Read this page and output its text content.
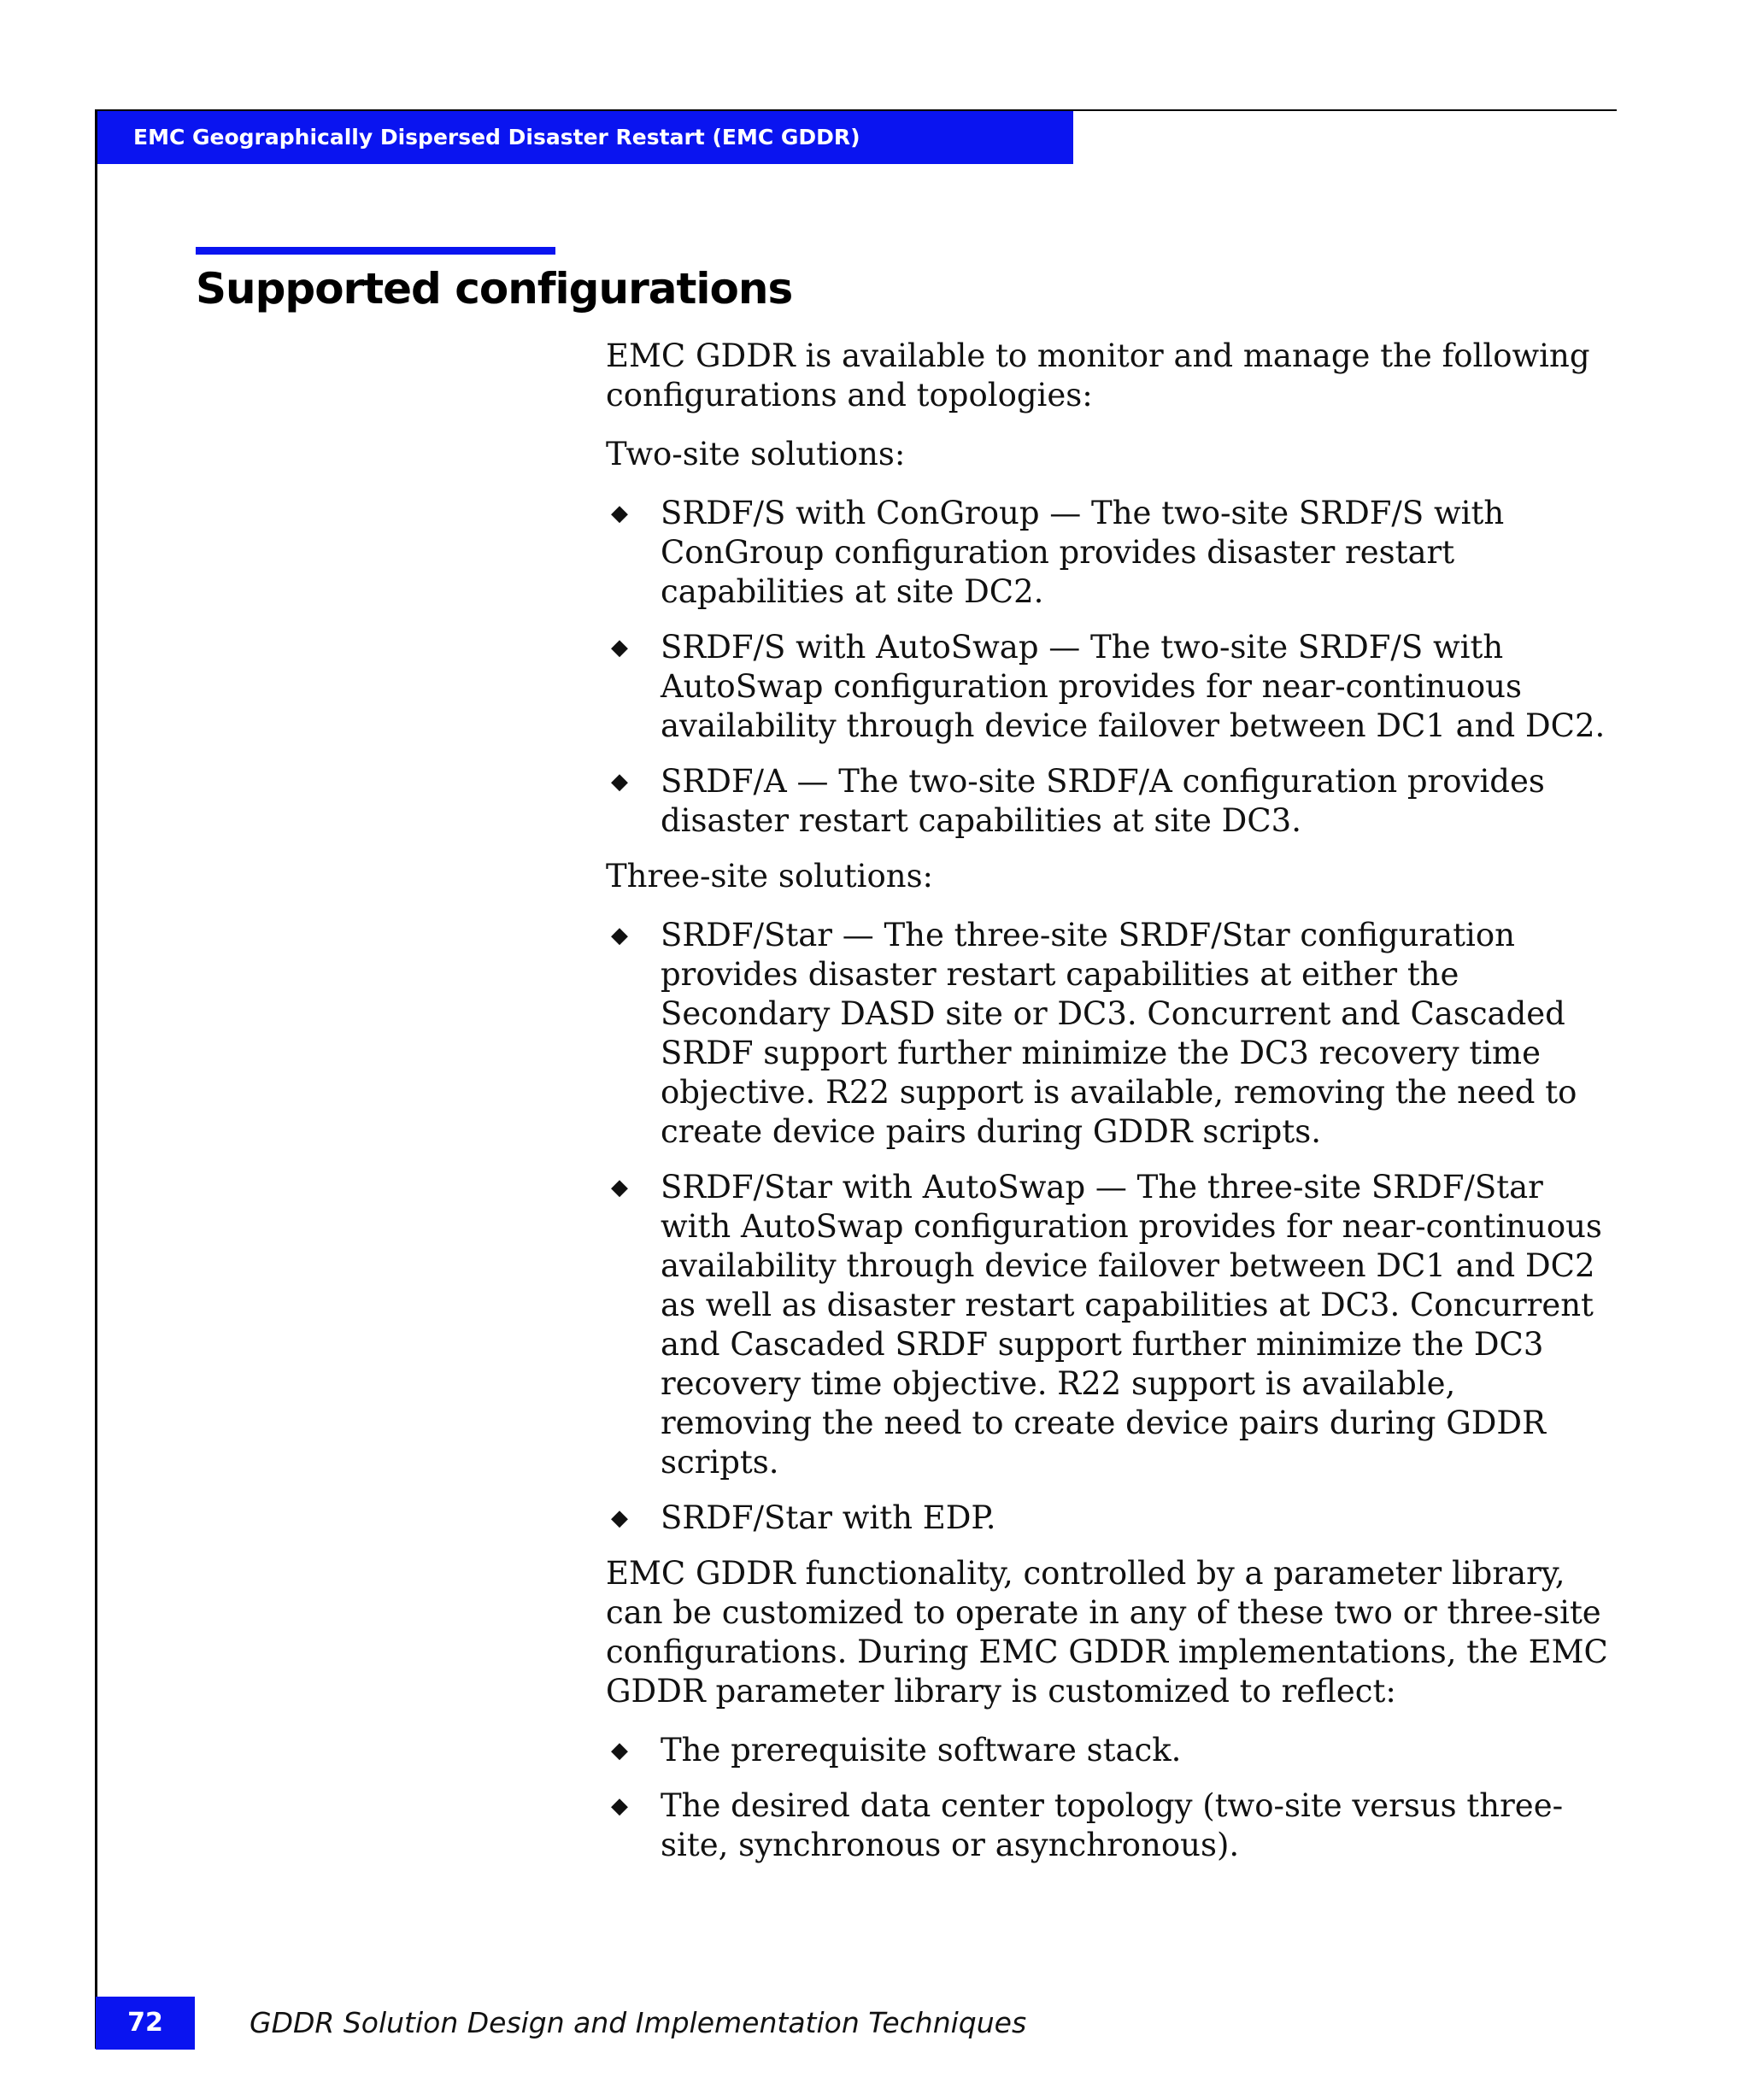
EMC Geographically Dispersed Disaster Restart (EMC GDDR)
Supported configurations

EMC GDDR is available to monitor and manage the following configurations and topologies:

Two-site solutions:

◆ SRDF/S with ConGroup — The two-site SRDF/S with ConGroup configuration provides disaster restart capabilities at site DC2.
◆ SRDF/S with AutoSwap — The two-site SRDF/S with AutoSwap configuration provides for near-continuous availability through device failover between DC1 and DC2.
◆ SRDF/A — The two-site SRDF/A configuration provides disaster restart capabilities at site DC3.

Three-site solutions:

◆ SRDF/Star — The three-site SRDF/Star configuration provides disaster restart capabilities at either the Secondary DASD site or DC3. Concurrent and Cascaded SRDF support further minimize the DC3 recovery time objective. R22 support is available, removing the need to create device pairs during GDDR scripts.
◆ SRDF/Star with AutoSwap — The three-site SRDF/Star with AutoSwap configuration provides for near-continuous availability through device failover between DC1 and DC2 as well as disaster restart capabilities at DC3. Concurrent and Cascaded SRDF support further minimize the DC3 recovery time objective. R22 support is available, removing the need to create device pairs during GDDR scripts.
◆ SRDF/Star with EDP.

EMC GDDR functionality, controlled by a parameter library, can be customized to operate in any of these two or three-site configurations. During EMC GDDR implementations, the EMC GDDR parameter library is customized to reflect:

◆ The prerequisite software stack.
◆ The desired data center topology (two-site versus three-site, synchronous or asynchronous).
72	GDDR Solution Design and Implementation Techniques
